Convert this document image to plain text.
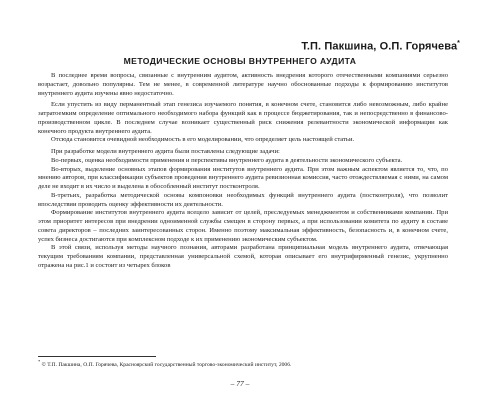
Т.П. Пакшина, О.П. Горячева*
МЕТОДИЧЕСКИЕ ОСНОВЫ ВНУТРЕННЕГО АУДИТА

В последнее время вопросы, связанные с внутренним аудитом, активность внедрения которого отечественными компаниями серьезно возрастает, довольно популярны. Тем не менее, в современной литературе научно обоснованные подходы к формированию институтов внутреннего аудита изучены явно недостаточно.

Если упустить из виду перманентный этап генезиса изучаемого понятия, в конечном счете, становится либо невозможным, либо крайне затратоемким определение оптимального необходимого набора функций как в процессе бюджетирования, так и непосредственно в финансово-производственном цикле. В последнем случае возникает существенный риск снижения релевантности экономической информации как конечного продукта внутреннего аудита.

Отсюда становится очевидной необходимость в его моделировании, что определяет цель настоящей статьи.

При разработке модели внутреннего аудита были поставлены следующие задачи:

Во-первых, оценка необходимости применения и перспективы внутреннего аудита в деятельности экономического субъекта.

Во-вторых, выделение основных этапов формирования институтов внутреннего аудита. При этом важным аспектом является то, что, по мнению авторов, при классификации субъектов проведения внутреннего аудита ревизионная комиссия, часто отождествляемая с ними, на самом деле не входит в их число и выделена в обособленный институт постконтроля.

В-третьих, разработка методической основы компоновки необходимых функций внутреннего аудита (постконтроля), что позволит впоследствии проводить оценку эффективности их деятельности.

Формирование институтов внутреннего аудита всецело зависит от целей, преследуемых менеджментом и собственниками компании. При этом приоритет интересов при внедрении одноименной службы смещен в сторону первых, а при использовании комитета по аудиту в составе совета директоров – последних заинтересованных сторон. Именно поэтому максимальная эффективность, безопасность и, в конечном счете, успех бизнеса достигаются при комплексном подходе к их применению экономическим субъектом.

В этой связи, используя методы научного познания, авторами разработана принципиальная модель внутреннего аудита, отвечающая текущим требованиям компании, представленная универсальной схемой, которая описывает его внутрифирменный генезис, укрупненно отражена на рис.1 и состоит из четырех блоков

* © Т.П. Пакшина, О.П. Горячева, Красноярский государственный торгово-экономический институт, 2006.
– 77 –
